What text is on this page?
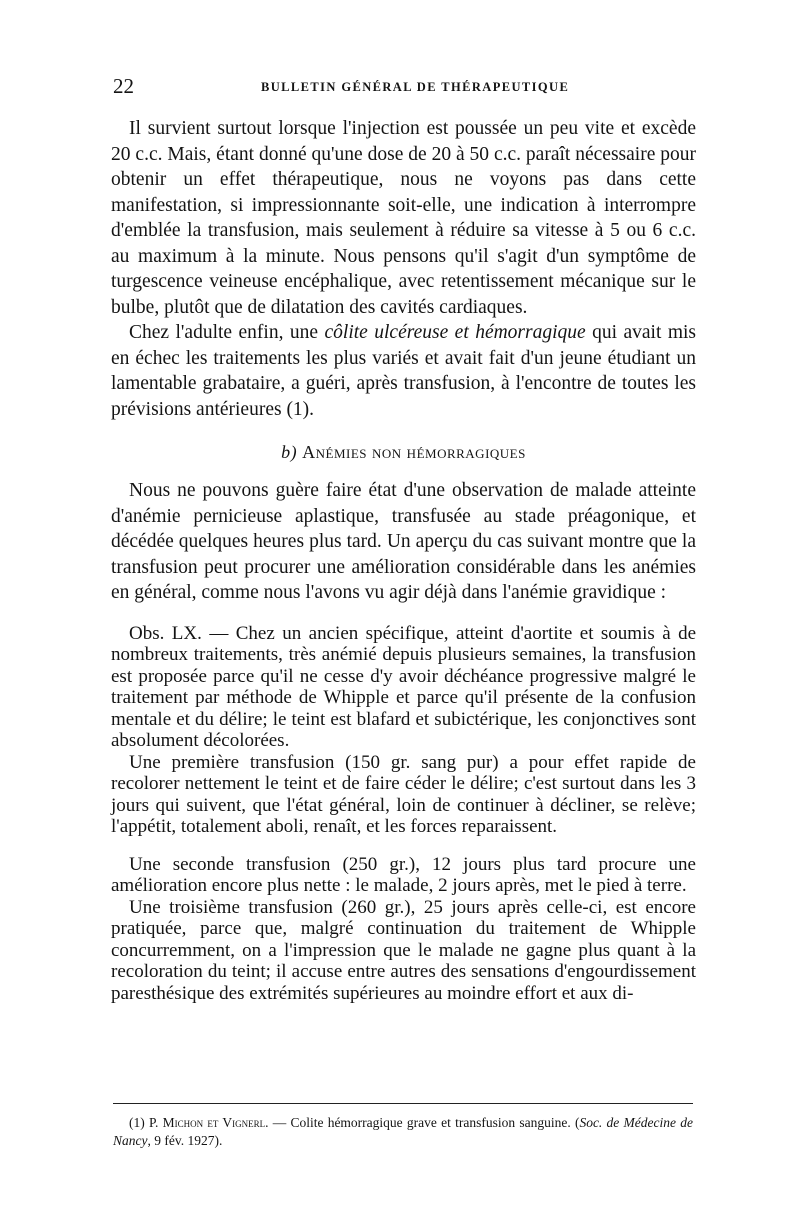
22	BULLETIN GÉNÉRAL DE THÉRAPEUTIQUE

Il survient surtout lorsque l'injection est poussée un peu vite et excède 20 c.c. Mais, étant donné qu'une dose de 20 à 50 c.c. paraît nécessaire pour obtenir un effet thérapeutique, nous ne voyons pas dans cette manifestation, si impressionnante soit-elle, une indication à interrompre d'emblée la transfusion, mais seulement à réduire sa vitesse à 5 ou 6 c.c. au maximum à la minute. Nous pensons qu'il s'agit d'un symptôme de turgescence veineuse encéphalique, avec retentissement mécanique sur le bulbe, plutôt que de dilatation des cavités cardiaques.

Chez l'adulte enfin, une côlite ulcéreuse et hémorragique qui avait mis en échec les traitements les plus variés et avait fait d'un jeune étudiant un lamentable grabataire, a guéri, après transfusion, à l'encontre de toutes les prévisions antérieures (1).

b) Anémies non hémorragiques

Nous ne pouvons guère faire état d'une observation de malade atteinte d'anémie pernicieuse aplastique, transfusée au stade préagonique, et décédée quelques heures plus tard. Un aperçu du cas suivant montre que la transfusion peut procurer une amélioration considérable dans les anémies en général, comme nous l'avons vu agir déjà dans l'anémie gravidique :

Obs. LX. — Chez un ancien spécifique, atteint d'aortite et soumis à de nombreux traitements, très anémié depuis plusieurs semaines, la transfusion est proposée parce qu'il ne cesse d'y avoir déchéance progressive malgré le traitement par méthode de Whipple et parce qu'il présente de la confusion mentale et du délire; le teint est blafard et subictérique, les conjonctives sont absolument décolorées.

Une première transfusion (150 gr. sang pur) a pour effet rapide de recolorer nettement le teint et de faire céder le délire; c'est surtout dans les 3 jours qui suivent, que l'état général, loin de continuer à décliner, se relève; l'appétit, totalement aboli, renaît, et les forces reparaissent.

Une seconde transfusion (250 gr.), 12 jours plus tard procure une amélioration encore plus nette : le malade, 2 jours après, met le pied à terre.

Une troisième transfusion (260 gr.), 25 jours après celle-ci, est encore pratiquée, parce que, malgré continuation du traitement de Whipple concurremment, on a l'impression que le malade ne gagne plus quant à la recoloration du teint; il accuse entre autres des sensations d'engourdissement paresthésique des extrémités supérieures au moindre effort et aux di-

(1) P. Michon et Vignerl. — Colite hémorragique grave et transfusion sanguine. (Soc. de Médecine de Nancy, 9 fév. 1927).
